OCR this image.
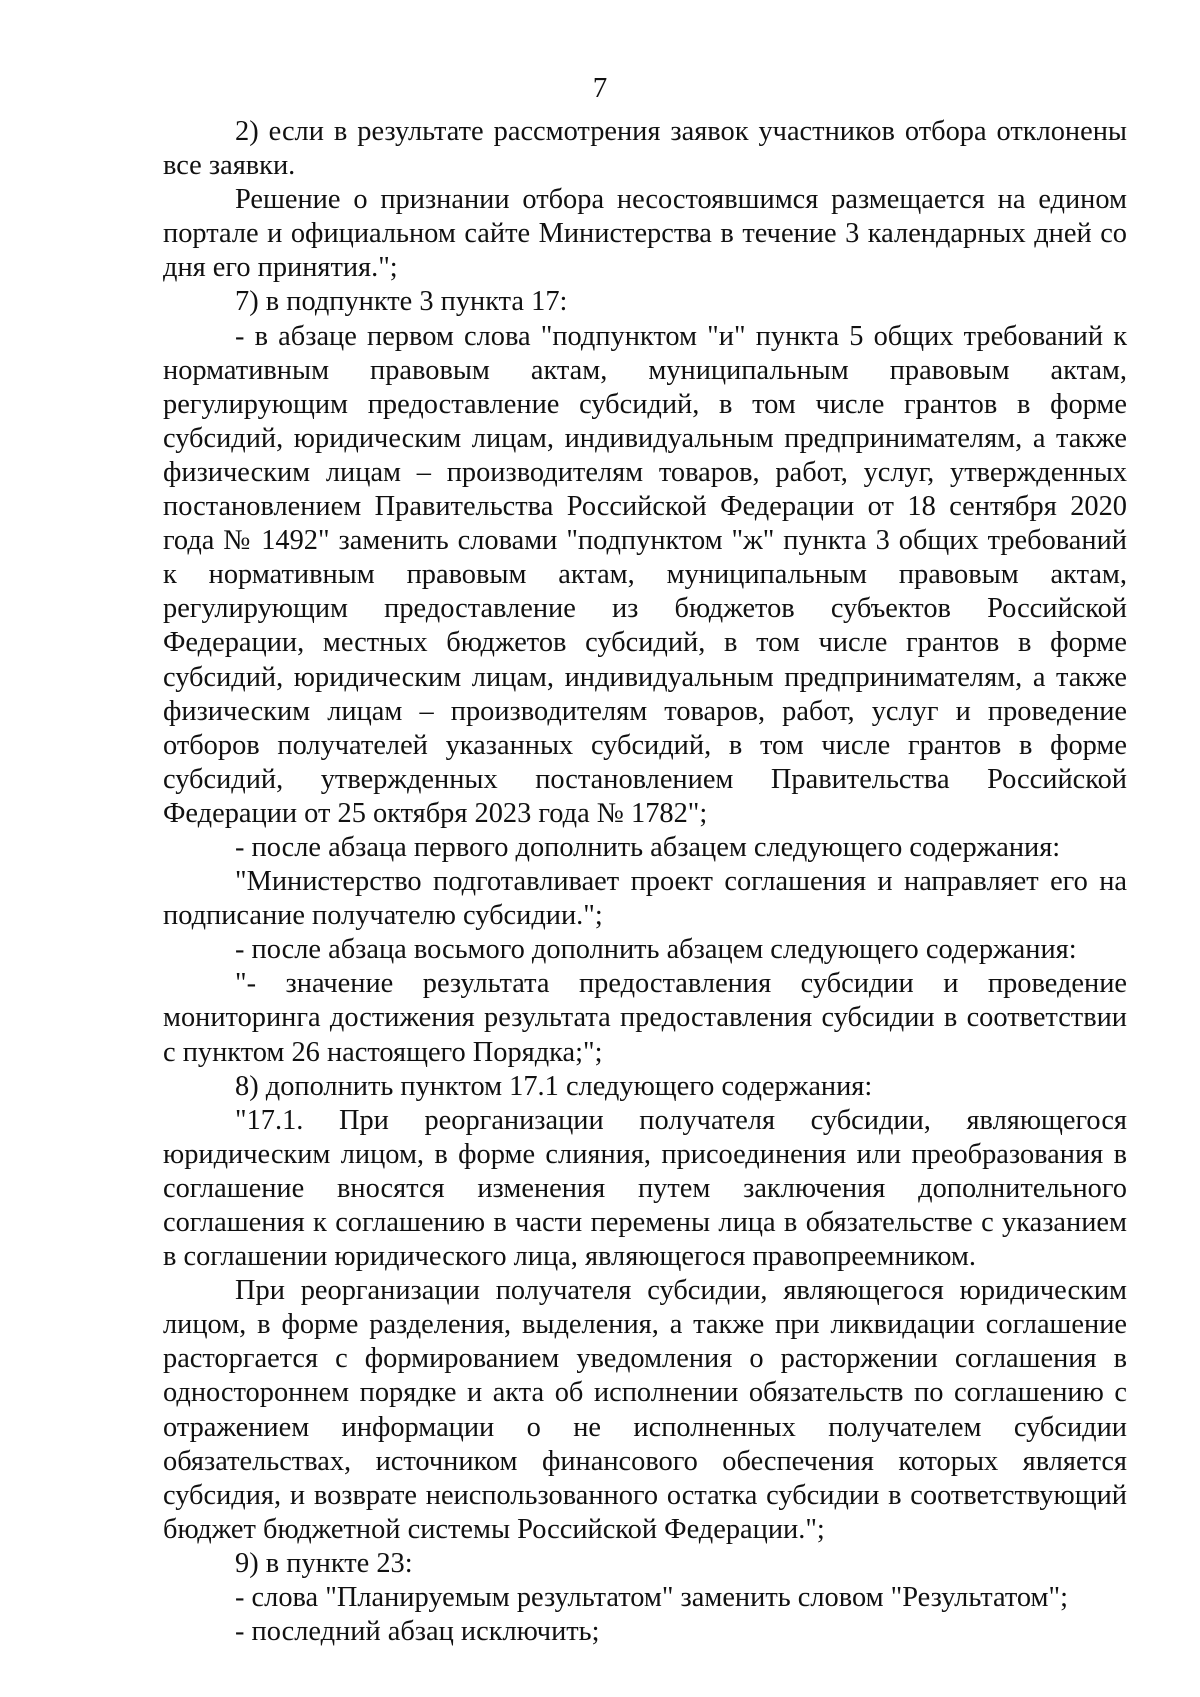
7

2) если в результате рассмотрения заявок участников отбора отклонены все заявки.

Решение о признании отбора несостоявшимся размещается на едином портале и официальном сайте Министерства в течение 3 календарных дней со дня его принятия.";

7) в подпункте 3 пункта 17:

- в абзаце первом слова "подпунктом "и" пункта 5 общих требований к нормативным правовым актам, муниципальным правовым актам, регулирующим предоставление субсидий, в том числе грантов в форме субсидий, юридическим лицам, индивидуальным предпринимателям, а также физическим лицам – производителям товаров, работ, услуг, утвержденных постановлением Правительства Российской Федерации от 18 сентября 2020 года № 1492" заменить словами "подпунктом "ж" пункта 3 общих требований к нормативным правовым актам, муниципальным правовым актам, регулирующим предоставление из бюджетов субъектов Российской Федерации, местных бюджетов субсидий, в том числе грантов в форме субсидий, юридическим лицам, индивидуальным предпринимателям, а также физическим лицам – производителям товаров, работ, услуг и проведение отборов получателей указанных субсидий, в том числе грантов в форме субсидий, утвержденных постановлением Правительства Российской Федерации от 25 октября 2023 года № 1782";

- после абзаца первого дополнить абзацем следующего содержания:

"Министерство подготавливает проект соглашения и направляет его на подписание получателю субсидии.";

- после абзаца восьмого дополнить абзацем следующего содержания:

"- значение результата предоставления субсидии и проведение мониторинга достижения результата предоставления субсидии в соответствии с пунктом 26 настоящего Порядка;";

8) дополнить пунктом 17.1 следующего содержания:

"17.1. При реорганизации получателя субсидии, являющегося юридическим лицом, в форме слияния, присоединения или преобразования в соглашение вносятся изменения путем заключения дополнительного соглашения к соглашению в части перемены лица в обязательстве с указанием в соглашении юридического лица, являющегося правопреемником.

При реорганизации получателя субсидии, являющегося юридическим лицом, в форме разделения, выделения, а также при ликвидации соглашение расторгается с формированием уведомления о расторжении соглашения в одностороннем порядке и акта об исполнении обязательств по соглашению с отражением информации о не исполненных получателем субсидии обязательствах, источником финансового обеспечения которых является субсидия, и возврате неиспользованного остатка субсидии в соответствующий бюджет бюджетной системы Российской Федерации.";

9) в пункте 23:

- слова "Планируемым результатом" заменить словом "Результатом";

- последний абзац исключить;
